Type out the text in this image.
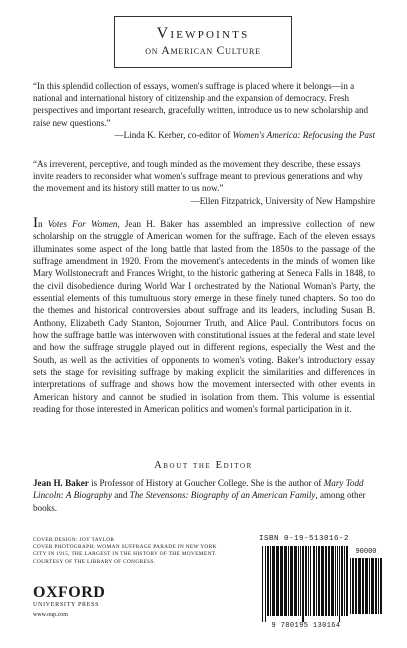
Viewpoints
on American Culture

“In this splendid collection of essays, women's suffrage is placed where it belongs—in a national and international history of citizenship and the expansion of democracy. Fresh perspectives and important research, gracefully written, introduce us to new scholarship and raise new questions.”

—Linda K. Kerber, co-editor of Women's America: Refocusing the Past

“As irreverent, perceptive, and tough minded as the movement they describe, these essays invite readers to reconsider what women's suffrage meant to previous generations and why the movement and its history still matter to us now.”

—Ellen Fitzpatrick, University of New Hampshire

In Votes For Women, Jean H. Baker has assembled an impressive collection of new scholarship on the struggle of American women for the suffrage. Each of the eleven essays illuminates some aspect of the long battle that lasted from the 1850s to the passage of the suffrage amendment in 1920. From the movement's antecedents in the minds of women like Mary Wollstonecraft and Frances Wright, to the historic gathering at Seneca Falls in 1848, to the civil disobedience during World War I orchestrated by the National Woman's Party, the essential elements of this tumultuous story emerge in these finely tuned chapters. So too do the themes and historical controversies about suffrage and its leaders, including Susan B. Anthony, Elizabeth Cady Stanton, Sojourner Truth, and Alice Paul. Contributors focus on how the suffrage battle was interwoven with constitutional issues at the federal and state level and how the suffrage struggle played out in different regions, especially the West and the South, as well as the activities of opponents to women's voting. Baker's introductory essay sets the stage for revisiting suffrage by making explicit the similarities and differences in interpretations of suffrage and shows how the movement intersected with other events in American history and cannot be studied in isolation from them. This volume is essential reading for those interested in American politics and women's formal participation in it.

About the Editor

Jean H. Baker is Professor of History at Goucher College. She is the author of Mary Todd Lincoln: A Biography and The Stevensons: Biography of an American Family, among other books.

COVER DESIGN: JOY TAYLOR
COVER PHOTOGRAPH: WOMAN SUFFRAGE PARADE IN NEW YORK
CITY IN 1915, THE LARGEST IN THE HISTORY OF THE MOVEMENT.
COURTESY OF THE LIBRARY OF CONGRESS.
OXFORD
UNIVERSITY PRESS
www.oup.com
ISBN 0-19-513016-2
90000
9 780195 130164
